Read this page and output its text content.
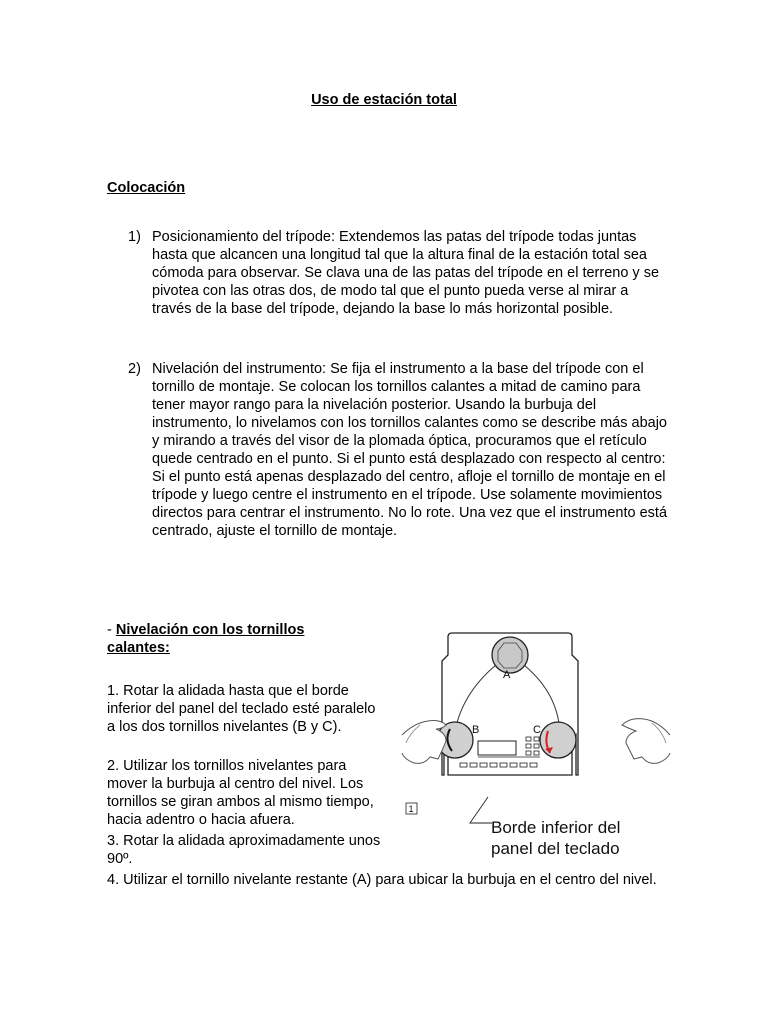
Uso de estación total
Colocación
1) Posicionamiento del trípode: Extendemos las patas del trípode todas juntas hasta que alcancen una longitud tal que la altura final de la estación total sea cómoda para observar. Se clava una de las patas del trípode en el terreno y se pivotea con las otras dos, de modo tal que el punto pueda verse al mirar a través de la base del trípode, dejando la base lo más horizontal posible.
2) Nivelación del instrumento: Se fija el instrumento a la base del trípode con el tornillo de montaje. Se colocan los tornillos calantes a mitad de camino para tener mayor rango para la nivelación posterior. Usando la burbuja del instrumento, lo nivelamos con los tornillos calantes como se describe más abajo y mirando a través del visor de la plomada óptica, procuramos que el retículo quede centrado en el punto. Si el punto está desplazado con respecto al centro: Si el punto está apenas desplazado del centro, afloje el tornillo de montaje en el trípode y luego centre el instrumento en el trípode. Use solamente movimientos directos para centrar el instrumento. No lo rote. Una vez que el instrumento está centrado, ajuste el tornillo de montaje.
- Nivelación con los tornillos calantes:
1. Rotar la alidada hasta que el borde inferior del panel del teclado esté paralelo a los dos tornillos nivelantes (B y C).
2. Utilizar los tornillos nivelantes para mover la burbuja al centro del nivel. Los tornillos se giran ambos al mismo tiempo, hacia adentro o hacia afuera.
3. Rotar la alidada aproximadamente unos 90º.
4. Utilizar el tornillo nivelante restante (A) para ubicar la burbuja en el centro del nivel.
A
B	C
1
Borde inferior del
panel del teclado
